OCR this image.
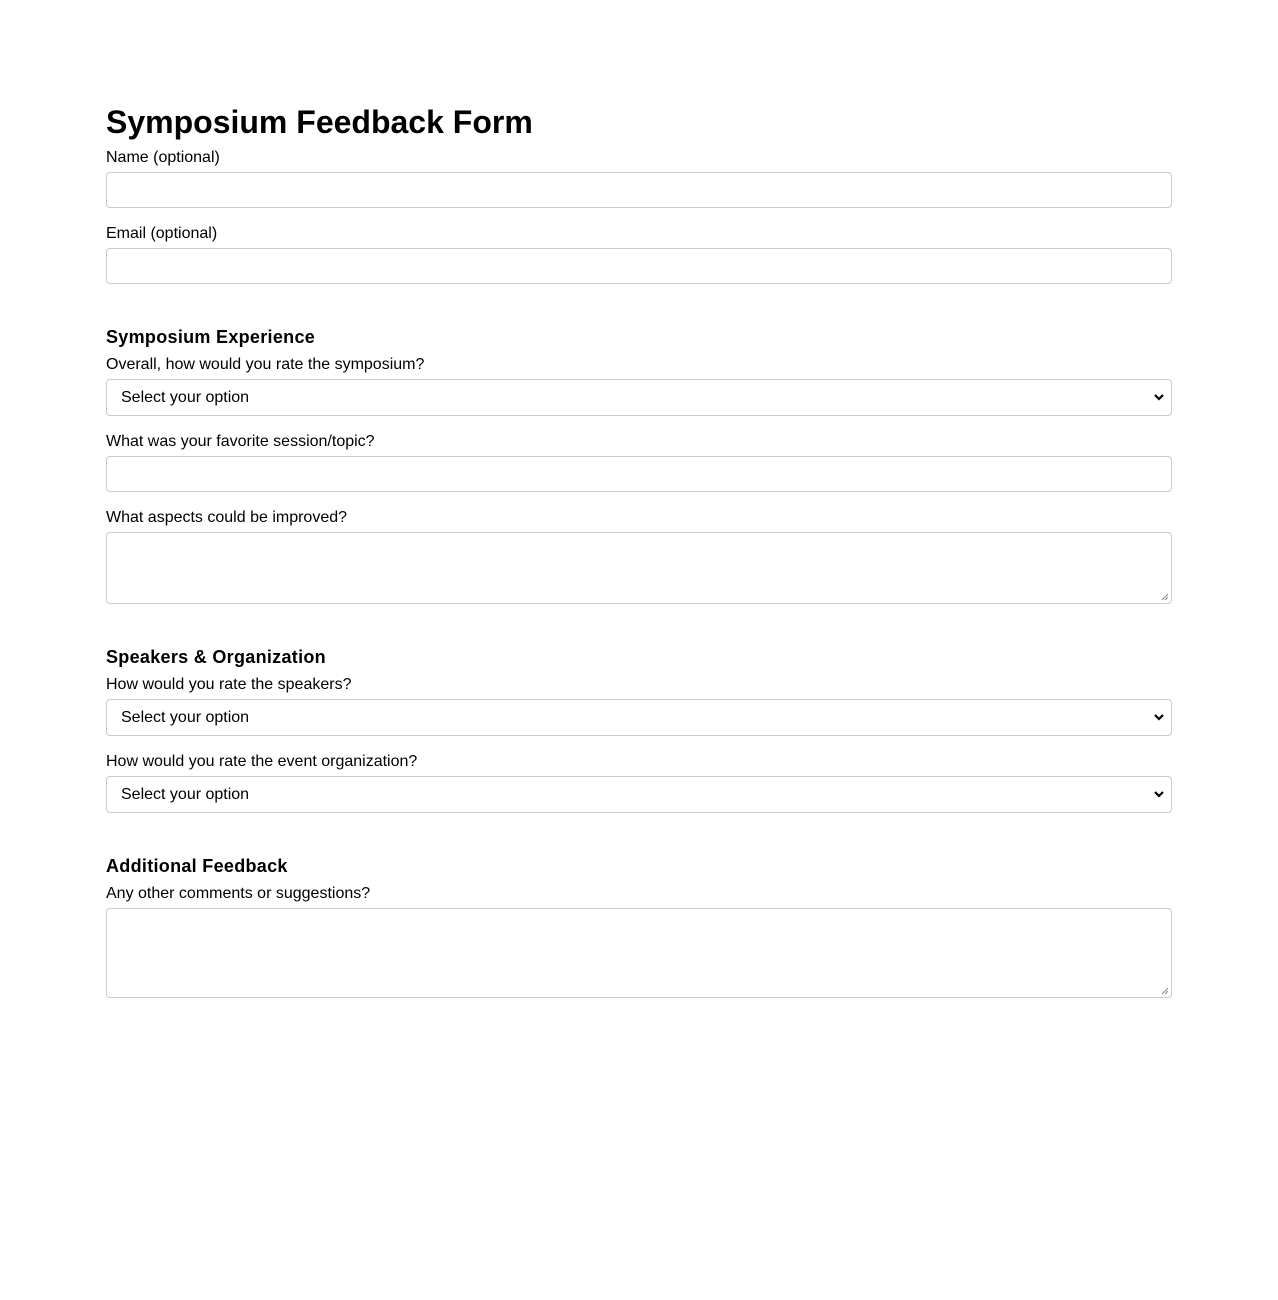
Symposium Feedback Form
Name (optional)
Email (optional)
Symposium Experience
Overall, how would you rate the symposium?
Select your option
What was your favorite session/topic?
What aspects could be improved?
Speakers & Organization
How would you rate the speakers?
Select your option
How would you rate the event organization?
Select your option
Additional Feedback
Any other comments or suggestions?
